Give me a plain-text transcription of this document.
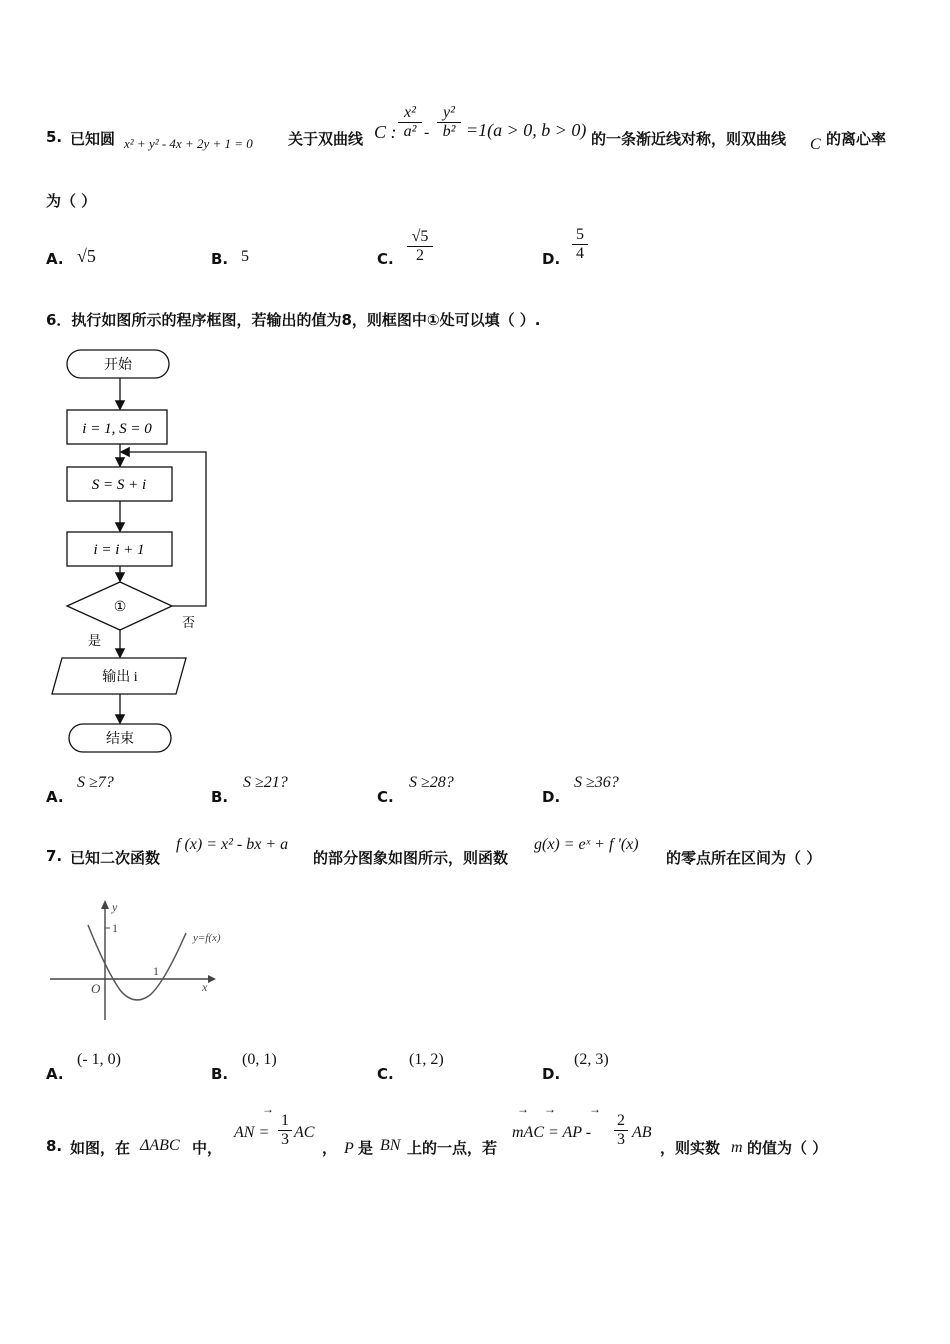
5. 已知圆 x² + y² - 4x + 2y + 1 = 0 关于双曲线 C : $\frac{\text{x²}}{\text{a²}} - \frac{\text{y²}}{\text{b²}} =1(a > 0$, b > 0) 的一条渐近线对称，则双曲线 C 的离心率
为（ ）
A. √5	B. 5	C. $\frac{√5}{2}$	D. $\frac{5}{4}$
6．执行如图所示的程序框图，若输出的值为8，则框图中①处可以填（ ）.
开始
i = 1, S = 0
S = S + i
i = i + 1
①
否
是
输出 i
结束
A.
S ≥7?
B.
S ≥21?
C.
S ≥28?
D.
S ≥36?
7. 已知二次函数
f (x) = x² - bx + a
的部分图象如图所示，则函数
g(x) = eˣ + f '(x)
的零点所在区间为（ ）
y
x
O
1
1
y=f(x)
A.
(- 1, 0)
B.
(0, 1)
C.
(1, 2)
D.
(2, 3)
8. 如图，在 ΔABC 中，
→
AN = $\frac{1}{3}$ AC
， P 是 BN 上的一点，若
→     →           →
mAC = AP - $\frac{2}{3}$ AB
，则实数 m 的值为（ ）
